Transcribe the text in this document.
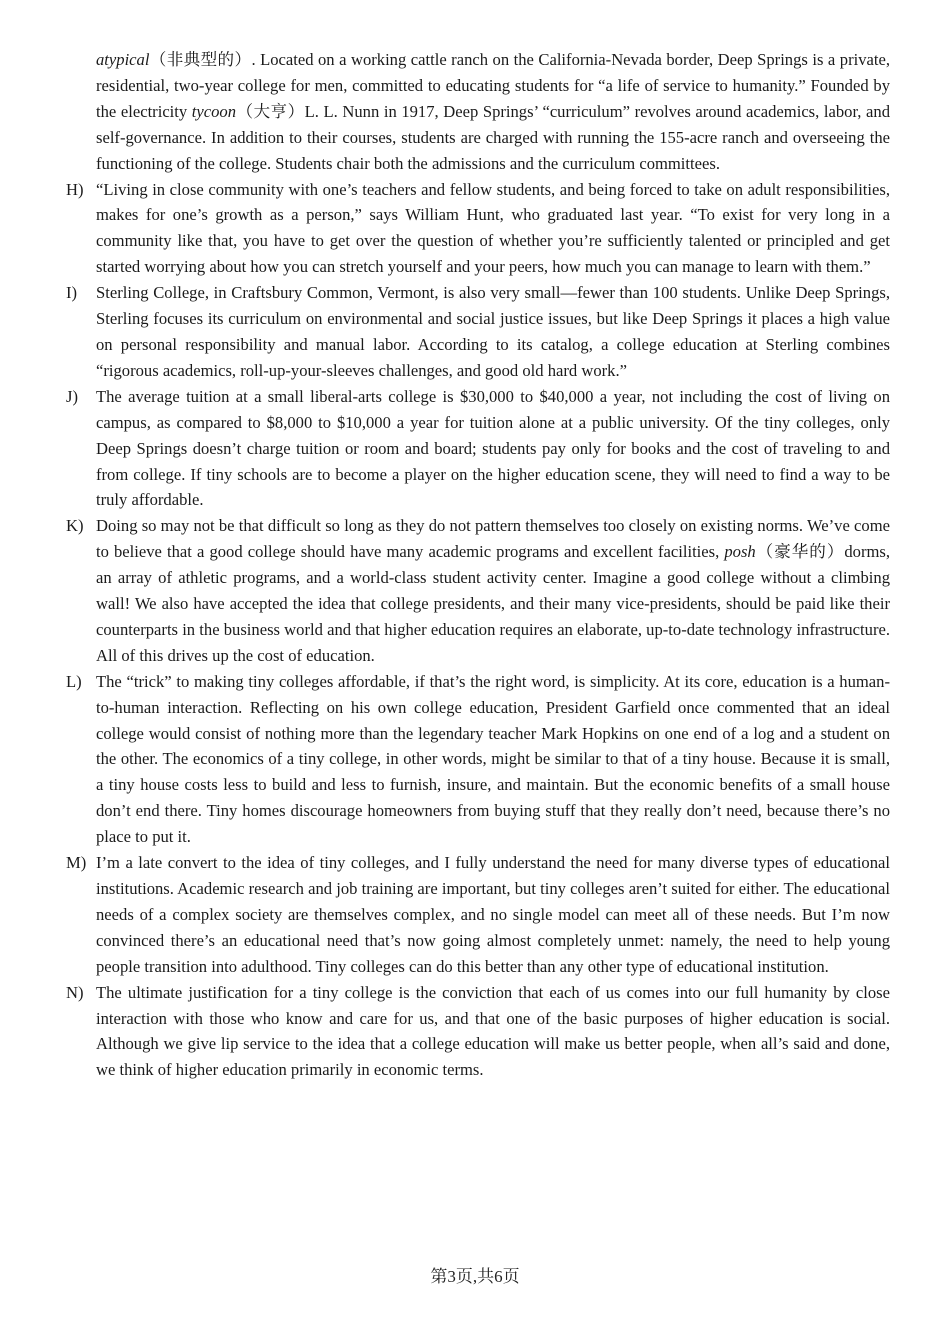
atypical（非典型的）. Located on a working cattle ranch on the California-Nevada border, Deep Springs is a private, residential, two-year college for men, committed to educating students for “a life of service to humanity.” Founded by the electricity tycoon（大亨）L. L. Nunn in 1917, Deep Springs’ “curriculum” revolves around academics, labor, and self-governance. In addition to their courses, students are charged with running the 155-acre ranch and overseeing the functioning of the college. Students chair both the admissions and the curriculum committees.

H) “Living in close community with one’s teachers and fellow students, and being forced to take on adult responsibilities, makes for one’s growth as a person,” says William Hunt, who graduated last year. “To exist for very long in a community like that, you have to get over the question of whether you’re sufficiently talented or principled and get started worrying about how you can stretch yourself and your peers, how much you can manage to learn with them.”

I)	Sterling College, in Craftsbury Common, Vermont, is also very small—fewer than 100 students. Unlike Deep Springs, Sterling focuses its curriculum on environmental and social justice issues, but like Deep Springs it places a high value on personal responsibility and manual labor. According to its catalog, a college education at Sterling combines “rigorous academics, roll-up-your-sleeves challenges, and good old hard work.”

J)	The average tuition at a small liberal-arts college is $30,000 to $40,000 a year, not including the cost of living on campus, as compared to $8,000 to $10,000 a year for tuition alone at a public university. Of the tiny colleges, only Deep Springs doesn’t charge tuition or room and board; students pay only for books and the cost of traveling to and from college. If tiny schools are to become a player on the higher education scene, they will need to find a way to be truly affordable.

K) Doing so may not be that difficult so long as they do not pattern themselves too closely on existing norms. We’ve come to believe that a good college should have many academic programs and excellent facilities, posh（豪华的）dorms, an array of athletic programs, and a world-class student activity center. Imagine a good college without a climbing wall! We also have accepted the idea that college presidents, and their many vice-presidents, should be paid like their counterparts in the business world and that higher education requires an elaborate, up-to-date technology infrastructure. All of this drives up the cost of education.

L) The “trick” to making tiny colleges affordable, if that’s the right word, is simplicity. At its core, education is a human-to-human interaction. Reflecting on his own college education, President Garfield once commented that an ideal college would consist of nothing more than the legendary teacher Mark Hopkins on one end of a log and a student on the other. The economics of a tiny college, in other words, might be similar to that of a tiny house. Because it is small, a tiny house costs less to build and less to furnish, insure, and maintain. But the economic benefits of a small house don’t end there. Tiny homes discourage homeowners from buying stuff that they really don’t need, because there’s no place to put it.

M) I’m a late convert to the idea of tiny colleges, and I fully understand the need for many diverse types of educational institutions. Academic research and job training are important, but tiny colleges aren’t suited for either. The educational needs of a complex society are themselves complex, and no single model can meet all of these needs. But I’m now convinced there’s an educational need that’s now going almost completely unmet: namely, the need to help young people transition into adulthood. Tiny colleges can do this better than any other type of educational institution.

N) The ultimate justification for a tiny college is the conviction that each of us comes into our full humanity by close interaction with those who know and care for us, and that one of the basic purposes of higher education is social. Although we give lip service to the idea that a college education will make us better people, when all’s said and done, we think of higher education primarily in economic terms.

第3页,共6页
